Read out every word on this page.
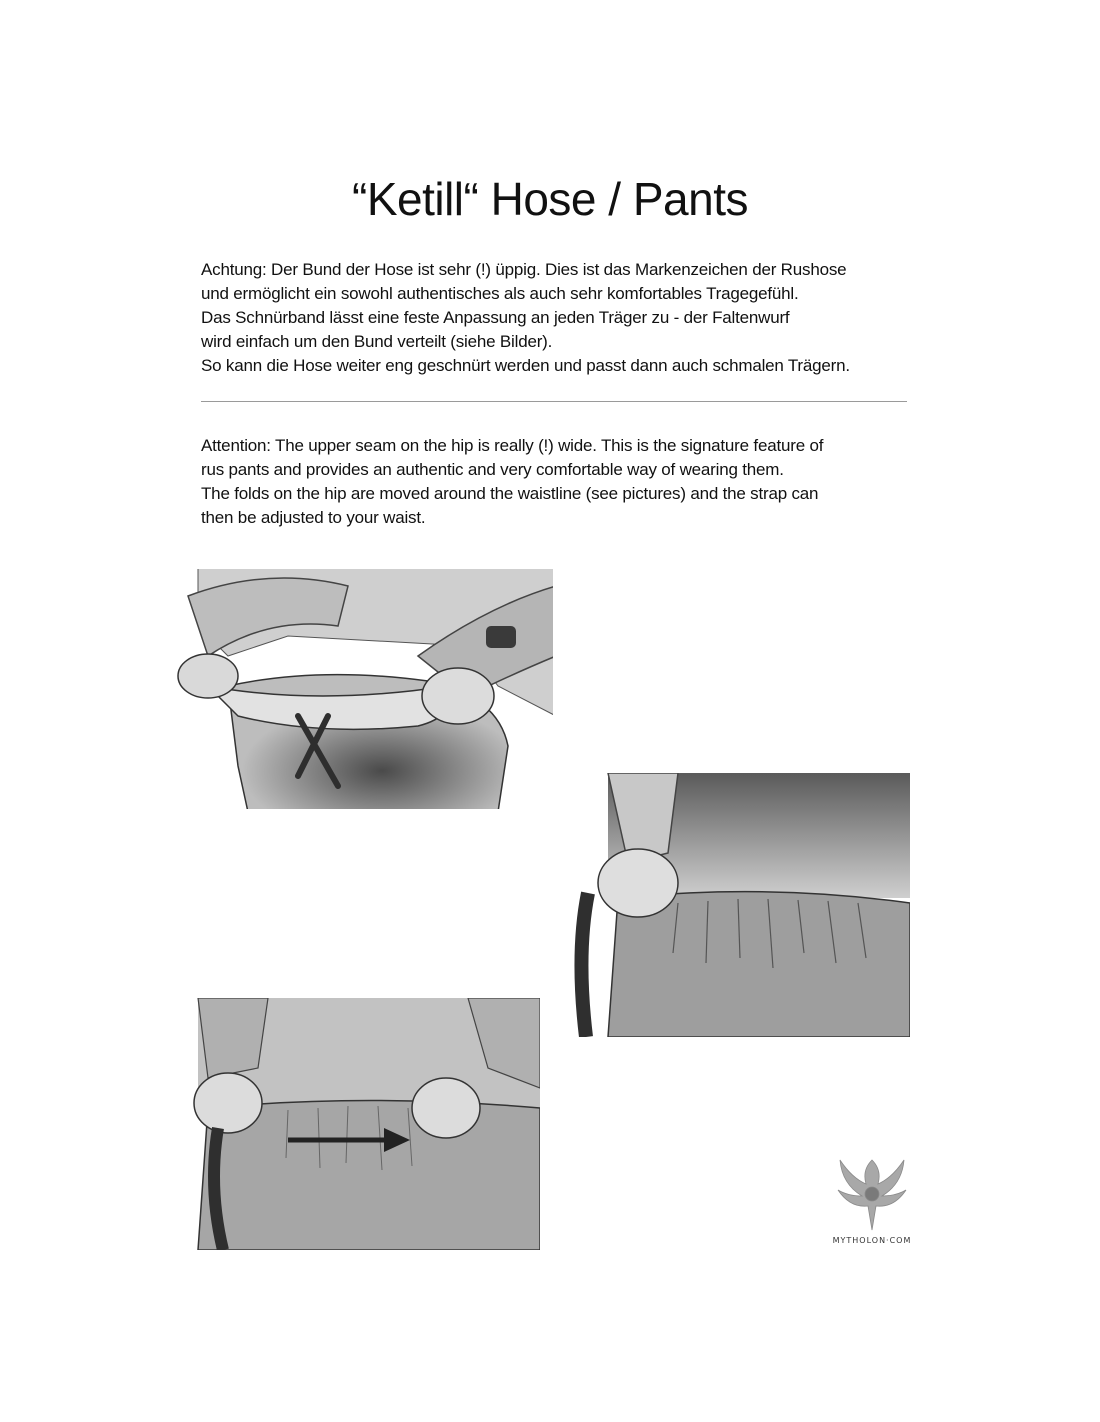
“Ketill“ Hose / Pants
Achtung: Der Bund der Hose ist sehr (!) üppig. Dies ist das Markenzeichen der Rushose
und ermöglicht ein sowohl authentisches als auch sehr komfortables Tragegefühl.
Das Schnürband lässt eine feste Anpassung an jeden Träger zu - der Faltenwurf
wird einfach um den Bund verteilt (siehe Bilder).
So kann die Hose weiter eng geschnürt werden und passt dann auch schmalen Trägern.
Attention: The upper seam on the hip is really (!) wide. This is the signature feature of
rus pants and provides an authentic and very comfortable way of wearing them.
The folds on the hip are moved around the waistline (see pictures) and the strap can
then be adjusted to your waist.
MYTHOLON·COM
